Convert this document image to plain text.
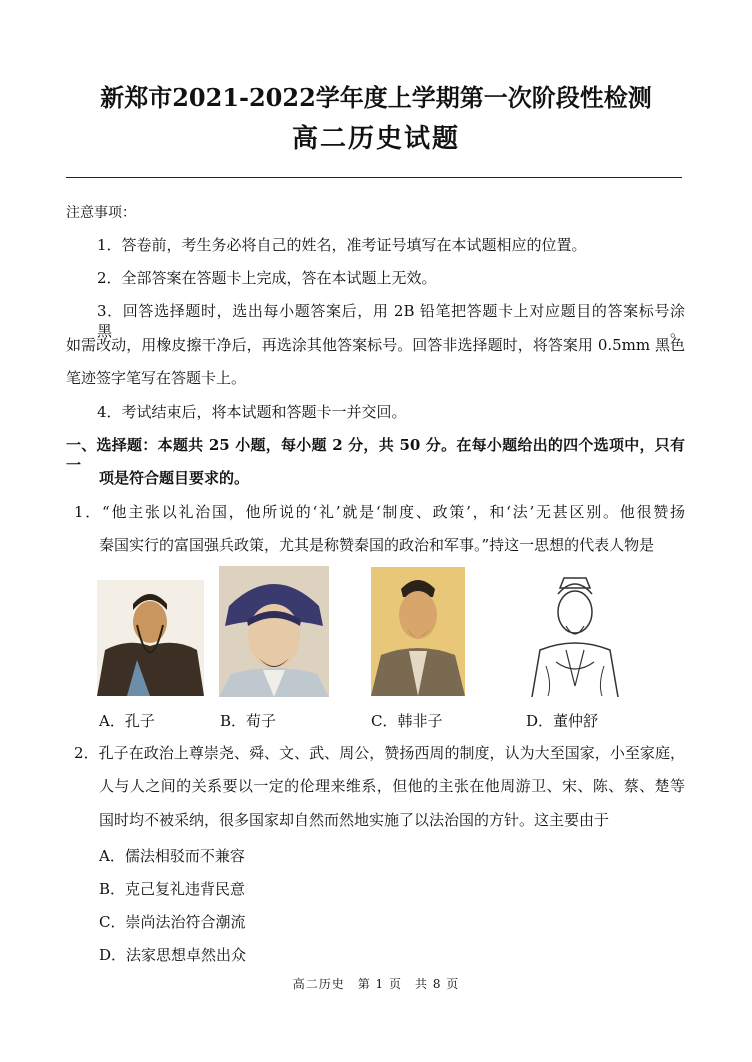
新郑市2021-2022学年度上学期第一次阶段性检测
高二历史试题
注意事项：
1．答卷前，考生务必将自己的姓名，准考证号填写在本试题相应的位置。
2．全部答案在答题卡上完成，答在本试题上无效。
3．回答选择题时，选出每小题答案后，用 2B 铅笔把答题卡上对应题目的答案标号涂黑。
如需改动，用橡皮擦干净后，再选涂其他答案标号。回答非选择题时，将答案用 0.5mm 黑色
笔迹签字笔写在答题卡上。
4．考试结束后，将本试题和答题卡一并交回。
一、选择题：本题共 25 小题，每小题 2 分，共 50 分。在每小题给出的四个选项中，只有一
项是符合题目要求的。
1．“他主张以礼治国，他所说的‘礼’就是‘制度、政策’，和‘法’无甚区别。他很赞扬
秦国实行的富国强兵政策，尤其是称赞秦国的政治和军事。”持这一思想的代表人物是
A．孔子	B．荀子	C．韩非子	D．董仲舒
2．孔子在政治上尊崇尧、舜、文、武、周公，赞扬西周的制度，认为大至国家，小至家庭，
人与人之间的关系要以一定的伦理来维系，但他的主张在他周游卫、宋、陈、蔡、楚等
国时均不被采纳，很多国家却自然而然地实施了以法治国的方针。这主要由于
A．儒法相驳而不兼容
B．克己复礼违背民意
C．崇尚法治符合潮流
D．法家思想卓然出众
高二历史　第 1 页　共 8 页
